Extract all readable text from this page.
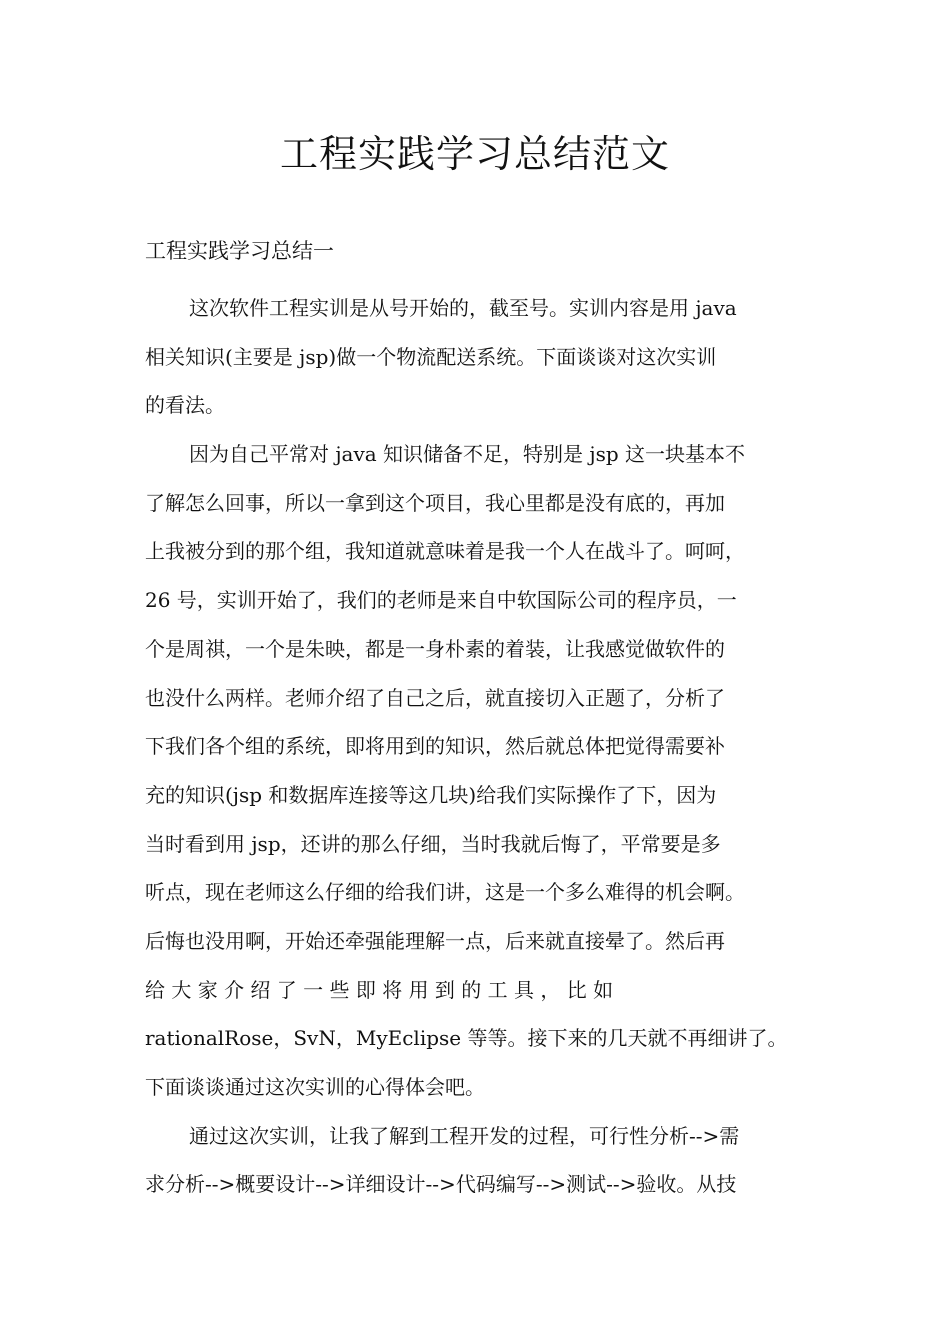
工程实践学习总结范文

工程实践学习总结一

这次软件工程实训是从号开始的，截至号。实训内容是用 java
相关知识(主要是 jsp)做一个物流配送系统。下面谈谈对这次实训
的看法。

因为自己平常对 java 知识储备不足，特别是 jsp 这一块基本不
了解怎么回事，所以一拿到这个项目，我心里都是没有底的，再加
上我被分到的那个组，我知道就意味着是我一个人在战斗了。呵呵，
26 号，实训开始了，我们的老师是来自中软国际公司的程序员，一
个是周祺，一个是朱映，都是一身朴素的着装，让我感觉做软件的
也没什么两样。老师介绍了自己之后，就直接切入正题了，分析了
下我们各个组的系统，即将用到的知识，然后就总体把觉得需要补
充的知识(jsp 和数据库连接等这几块)给我们实际操作了下，因为
当时看到用 jsp，还讲的那么仔细，当时我就后悔了，平常要是多
听点，现在老师这么仔细的给我们讲，这是一个多么难得的机会啊。
后悔也没用啊，开始还牵强能理解一点，后来就直接晕了。然后再
给 大 家 介 绍 了 一 些 即 将 用 到 的 工 具 ， 比 如
rationalRose，SvN，MyEclipse 等等。接下来的几天就不再细讲了。
下面谈谈通过这次实训的心得体会吧。

通过这次实训，让我了解到工程开发的过程，可行性分析-->需
求分析-->概要设计-->详细设计-->代码编写-->测试-->验收。从技
